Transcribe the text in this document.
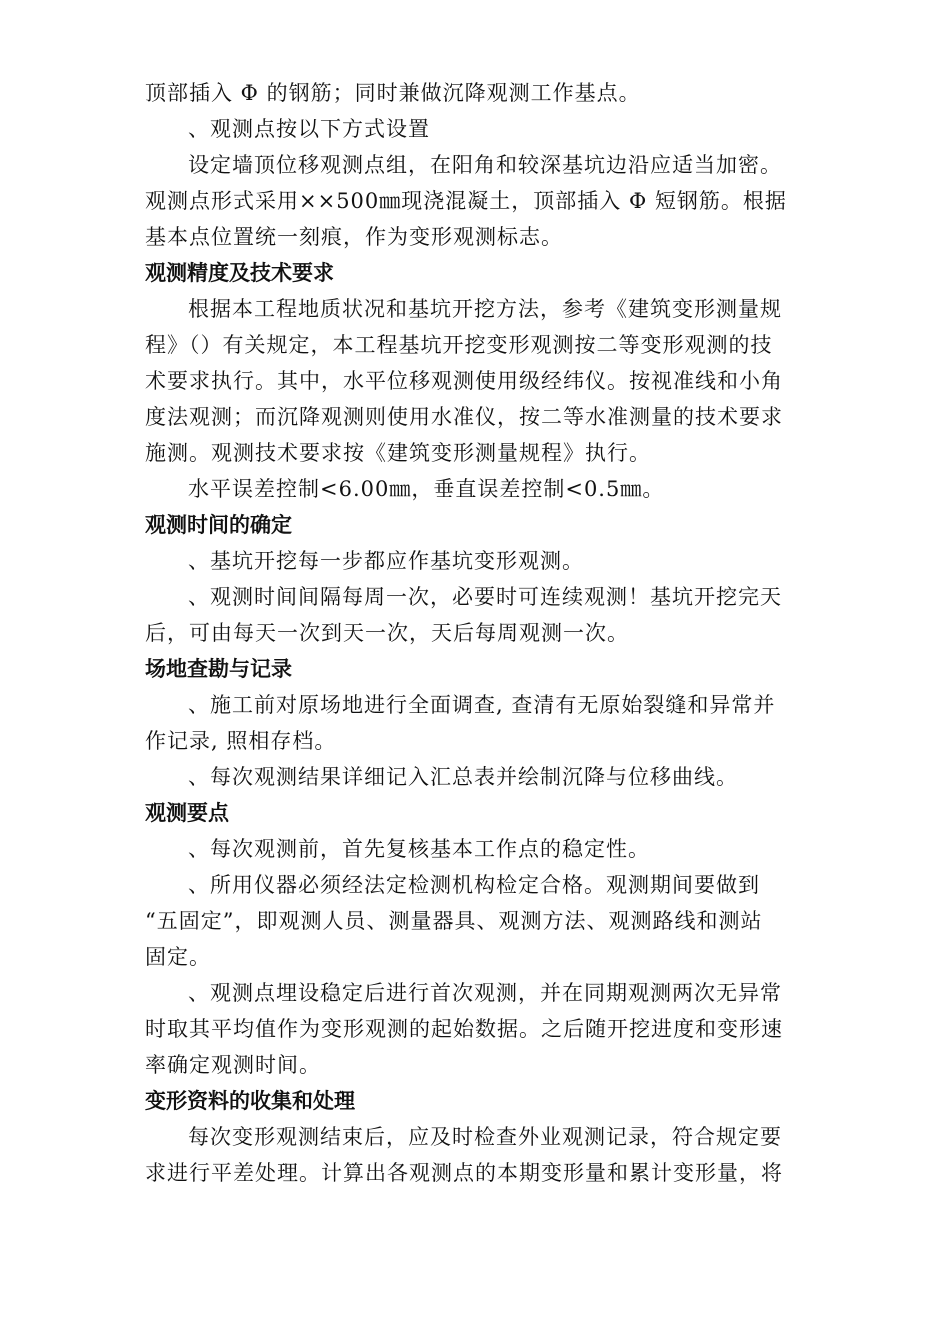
顶部插入 Φ 的钢筋；同时兼做沉降观测工作基点。
、观测点按以下方式设置
设定墙顶位移观测点组，在阳角和较深基坑边沿应适当加密。
观测点形式采用××500㎜现浇混凝土，顶部插入 Φ 短钢筋。根据
基本点位置统一刻痕，作为变形观测标志。
观测精度及技术要求
根据本工程地质状况和基坑开挖方法，参考《建筑变形测量规
程》（）有关规定，本工程基坑开挖变形观测按二等变形观测的技
术要求执行。其中，水平位移观测使用级经纬仪。按视准线和小角
度法观测；而沉降观测则使用水准仪，按二等水准测量的技术要求
施测。观测技术要求按《建筑变形测量规程》执行。
水平误差控制<6.00㎜，垂直误差控制<0.5㎜。
观测时间的确定
、基坑开挖每一步都应作基坑变形观测。
、观测时间间隔每周一次，必要时可连续观测！基坑开挖完天
后，可由每天一次到天一次，天后每周观测一次。
场地查勘与记录
、施工前对原场地进行全面调查, 查清有无原始裂缝和异常并
作记录, 照相存档。
、每次观测结果详细记入汇总表并绘制沉降与位移曲线。
观测要点
、每次观测前，首先复核基本工作点的稳定性。
、所用仪器必须经法定检测机构检定合格。观测期间要做到
“五固定”，即观测人员、测量器具、观测方法、观测路线和测站
固定。
、观测点埋设稳定后进行首次观测，并在同期观测两次无异常
时取其平均值作为变形观测的起始数据。之后随开挖进度和变形速
率确定观测时间。
变形资料的收集和处理
每次变形观测结束后，应及时检查外业观测记录，符合规定要
求进行平差处理。计算出各观测点的本期变形量和累计变形量，将
